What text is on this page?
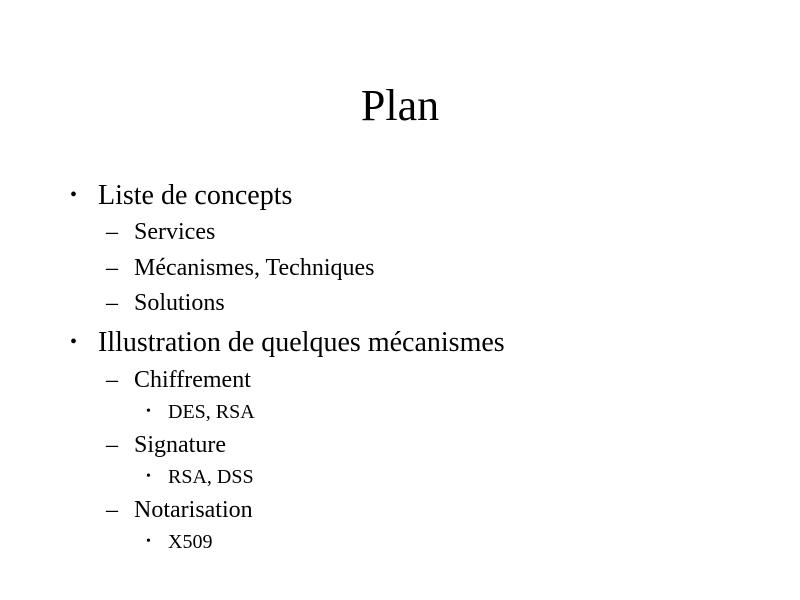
Plan
• Liste de concepts
– Services
– Mécanismes, Techniques
– Solutions
• Illustration de quelques mécanismes
– Chiffrement
• DES, RSA
– Signature
• RSA, DSS
– Notarisation
• X509
